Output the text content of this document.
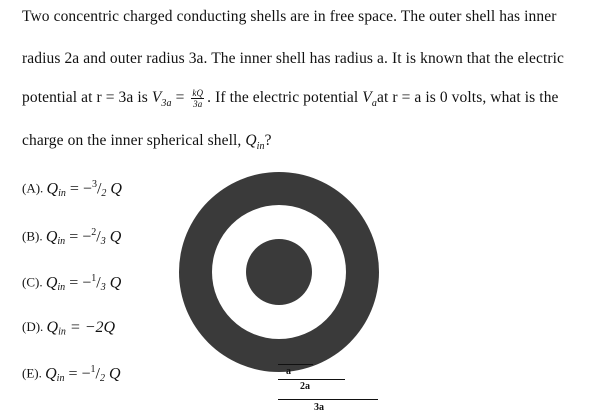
Two concentric charged conducting shells are in free space. The outer shell has inner
radius 2a and outer radius 3a. The inner shell has radius a. It is known that the electric
potential at r = 3a is $V_{3a} = \frac{kQ}{3a}$ . If the electric potential $V_aat$ r = a is 0 volts, what is the
charge on the inner spherical shell, $Q_{in}$?
(A). $Q_{in} = -^3/_2$ Q
(B). $Q_{in} = -^2/_3$ Q
(C). $Q_{in} = -^1/_3$ Q
(D). $Q_{in} = -2Q$
(E). $Q_{in} = -^1/_2$ Q	a
2a
3a
